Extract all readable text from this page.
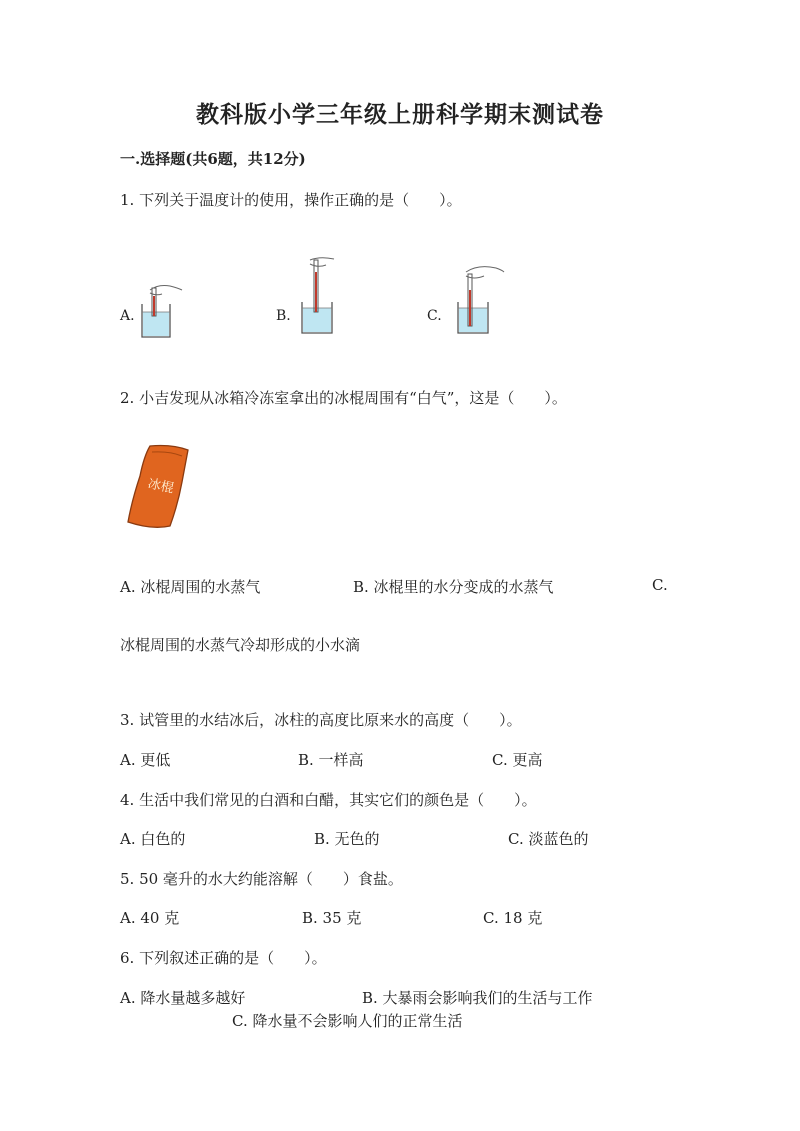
教科版小学三年级上册科学期末测试卷
一.选择题(共6题，共12分)
1. 下列关于温度计的使用，操作正确的是（　　）。
A.	B.	C.
2. 小吉发现从冰箱冷冻室拿出的冰棍周围有“白气”，这是（　　）。
冰棍
A. 冰棍周围的水蒸气	B. 冰棍里的水分变成的水蒸气	C.
冰棍周围的水蒸气冷却形成的小水滴
3. 试管里的水结冰后，冰柱的高度比原来水的高度（　　）。
A. 更低	B. 一样高	C. 更高
4. 生活中我们常见的白酒和白醋，其实它们的颜色是（　　）。
A. 白色的	B. 无色的	C. 淡蓝色的
5. 50 毫升的水大约能溶解（　　）食盐。
A. 40 克	B. 35 克	C. 18 克
6. 下列叙述正确的是（　　）。
A. 降水量越多越好	B. 大暴雨会影响我们的生活与工作
C. 降水量不会影响人们的正常生活
